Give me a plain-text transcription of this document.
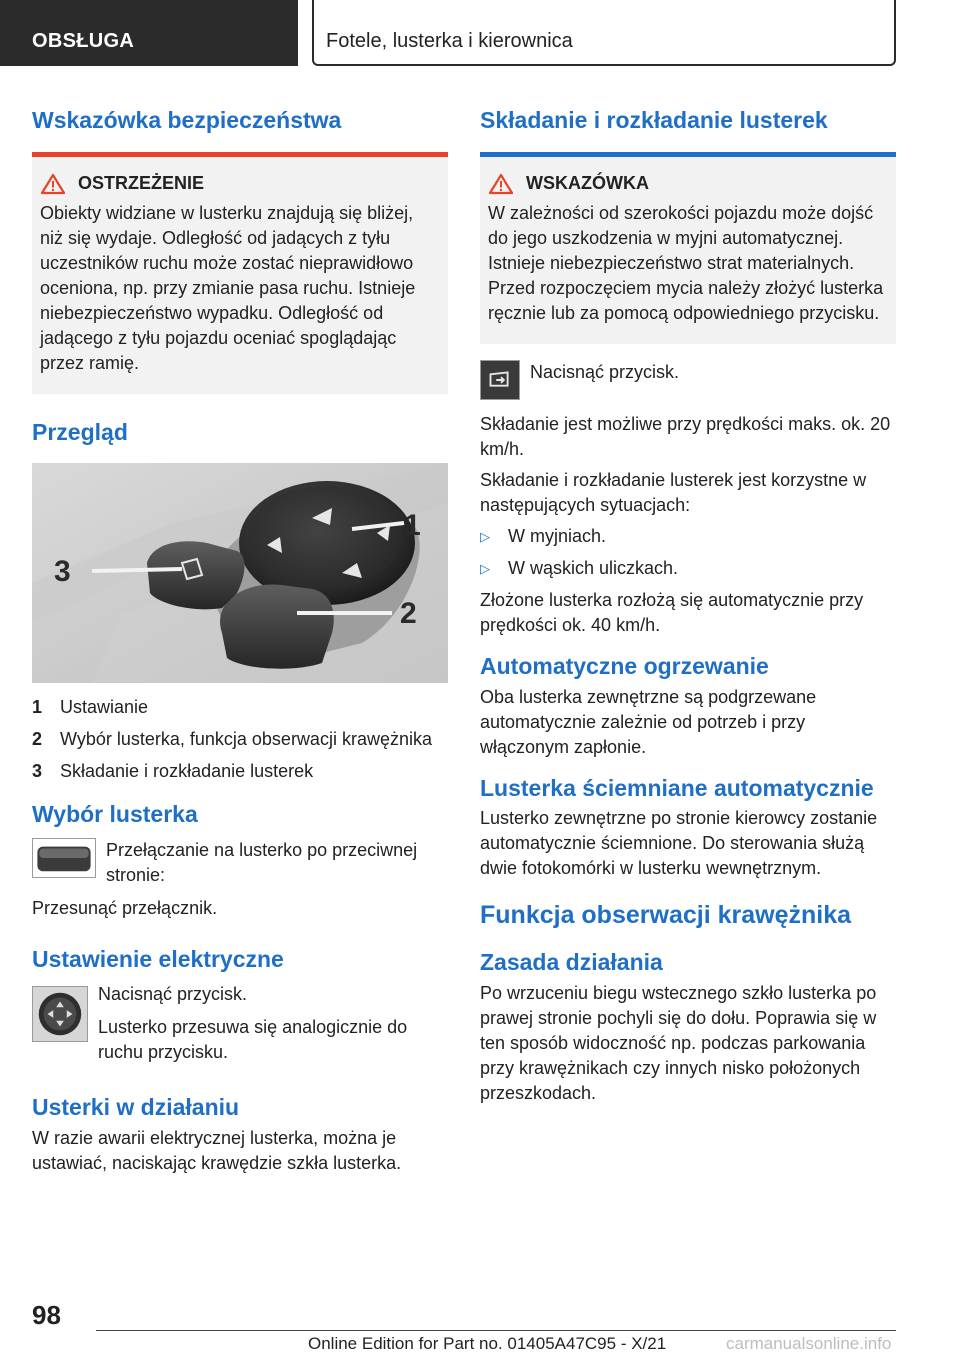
OBSŁUGA	Fotele, lusterka i kierownica
Wskazówka bezpieczeństwa
OSTRZEŻENIE

Obiekty widziane w lusterku znajdują się bliżej, niż się wydaje. Odległość od jadących z tyłu uczestników ruchu może zostać nieprawidłowo oceniona, np. przy zmianie pasa ruchu. Istnieje niebezpieczeństwo wypadku. Odległość od jadącego z tyłu pojazdu oceniać spoglądając przez ramię.

Przegląd
1
2
3
1 Ustawianie
2 Wybór lusterka, funkcja obserwacji krawężnika
3 Składanie i rozkładanie lusterek
Wybór lusterka

Przełączanie na lusterko po przeciwnej stronie:

Przesunąć przełącznik.

Ustawienie elektryczne

Nacisnąć przycisk.

Lusterko przesuwa się analogicznie do ruchu przycisku.

Usterki w działaniu

W razie awarii elektrycznej lusterka, można je ustawiać, naciskając krawędzie szkła lusterka.

Składanie i rozkładanie lusterek
WSKAZÓWKA

W zależności od szerokości pojazdu może dojść do jego uszkodzenia w myjni automatycznej. Istnieje niebezpieczeństwo strat materialnych. Przed rozpoczęciem mycia należy złożyć lusterka ręcznie lub za pomocą odpowiedniego przycisku.

Nacisnąć przycisk.

Składanie jest możliwe przy prędkości maks. ok. 20 km/h.

Składanie i rozkładanie lusterek jest korzystne w następujących sytuacjach:

▷	W myjniach.
▷	W wąskich uliczkach.

Złożone lusterka rozłożą się automatycznie przy prędkości ok. 40 km/h.

Automatyczne ogrzewanie

Oba lusterka zewnętrzne są podgrzewane automatycznie zależnie od potrzeb i przy włączonym zapłonie.

Lusterka ściemniane automatycznie

Lusterko zewnętrzne po stronie kierowcy zostanie automatycznie ściemnione. Do sterowania służą dwie fotokomórki w lusterku wewnętrznym.

Funkcja obserwacji krawężnika
Zasada działania

Po wrzuceniu biegu wstecznego szkło lusterka po prawej stronie pochyli się do dołu. Poprawia się w ten sposób widoczność np. podczas parkowania przy krawężnikach czy innych nisko położonych przeszkodach.

98
Online Edition for Part no. 01405A47C95 - X/21	carmanualsonline.info
